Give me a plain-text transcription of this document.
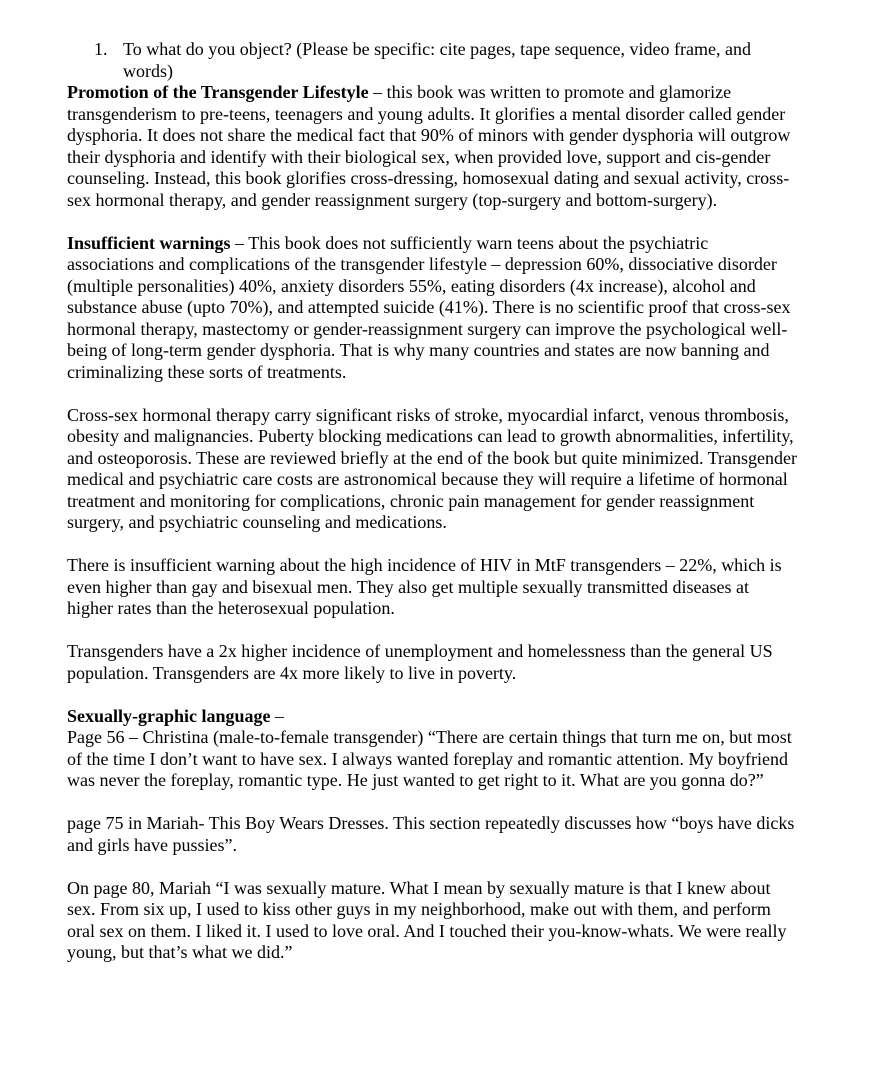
1. To what do you object? (Please be specific: cite pages, tape sequence, video frame, and words)

Promotion of the Transgender Lifestyle – this book was written to promote and glamorize transgenderism to pre-teens, teenagers and young adults. It glorifies a mental disorder called gender dysphoria. It does not share the medical fact that 90% of minors with gender dysphoria will outgrow their dysphoria and identify with their biological sex, when provided love, support and cis-gender counseling. Instead, this book glorifies cross-dressing, homosexual dating and sexual activity, cross-sex hormonal therapy, and gender reassignment surgery (top-surgery and bottom-surgery).

Insufficient warnings – This book does not sufficiently warn teens about the psychiatric associations and complications of the transgender lifestyle – depression 60%, dissociative disorder (multiple personalities) 40%, anxiety disorders 55%, eating disorders (4x increase), alcohol and substance abuse (upto 70%), and attempted suicide (41%). There is no scientific proof that cross-sex hormonal therapy, mastectomy or gender-reassignment surgery can improve the psychological well-being of long-term gender dysphoria. That is why many countries and states are now banning and criminalizing these sorts of treatments.

Cross-sex hormonal therapy carry significant risks of stroke, myocardial infarct, venous thrombosis, obesity and malignancies. Puberty blocking medications can lead to growth abnormalities, infertility, and osteoporosis. These are reviewed briefly at the end of the book but quite minimized. Transgender medical and psychiatric care costs are astronomical because they will require a lifetime of hormonal treatment and monitoring for complications, chronic pain management for gender reassignment surgery, and psychiatric counseling and medications.

There is insufficient warning about the high incidence of HIV in MtF transgenders – 22%, which is even higher than gay and bisexual men. They also get multiple sexually transmitted diseases at higher rates than the heterosexual population.

Transgenders have a 2x higher incidence of unemployment and homelessness than the general US population. Transgenders are 4x more likely to live in poverty.

Sexually-graphic language –

Page 56 – Christina (male-to-female transgender) “There are certain things that turn me on, but most of the time I don’t want to have sex. I always wanted foreplay and romantic attention. My boyfriend was never the foreplay, romantic type. He just wanted to get right to it. What are you gonna do?”

page 75 in Mariah- This Boy Wears Dresses. This section repeatedly discusses how “boys have dicks and girls have pussies”.

On page 80, Mariah “I was sexually mature. What I mean by sexually mature is that I knew about sex. From six up, I used to kiss other guys in my neighborhood, make out with them, and perform oral sex on them. I liked it. I used to love oral. And I touched their you-know-whats. We were really young, but that’s what we did.”
